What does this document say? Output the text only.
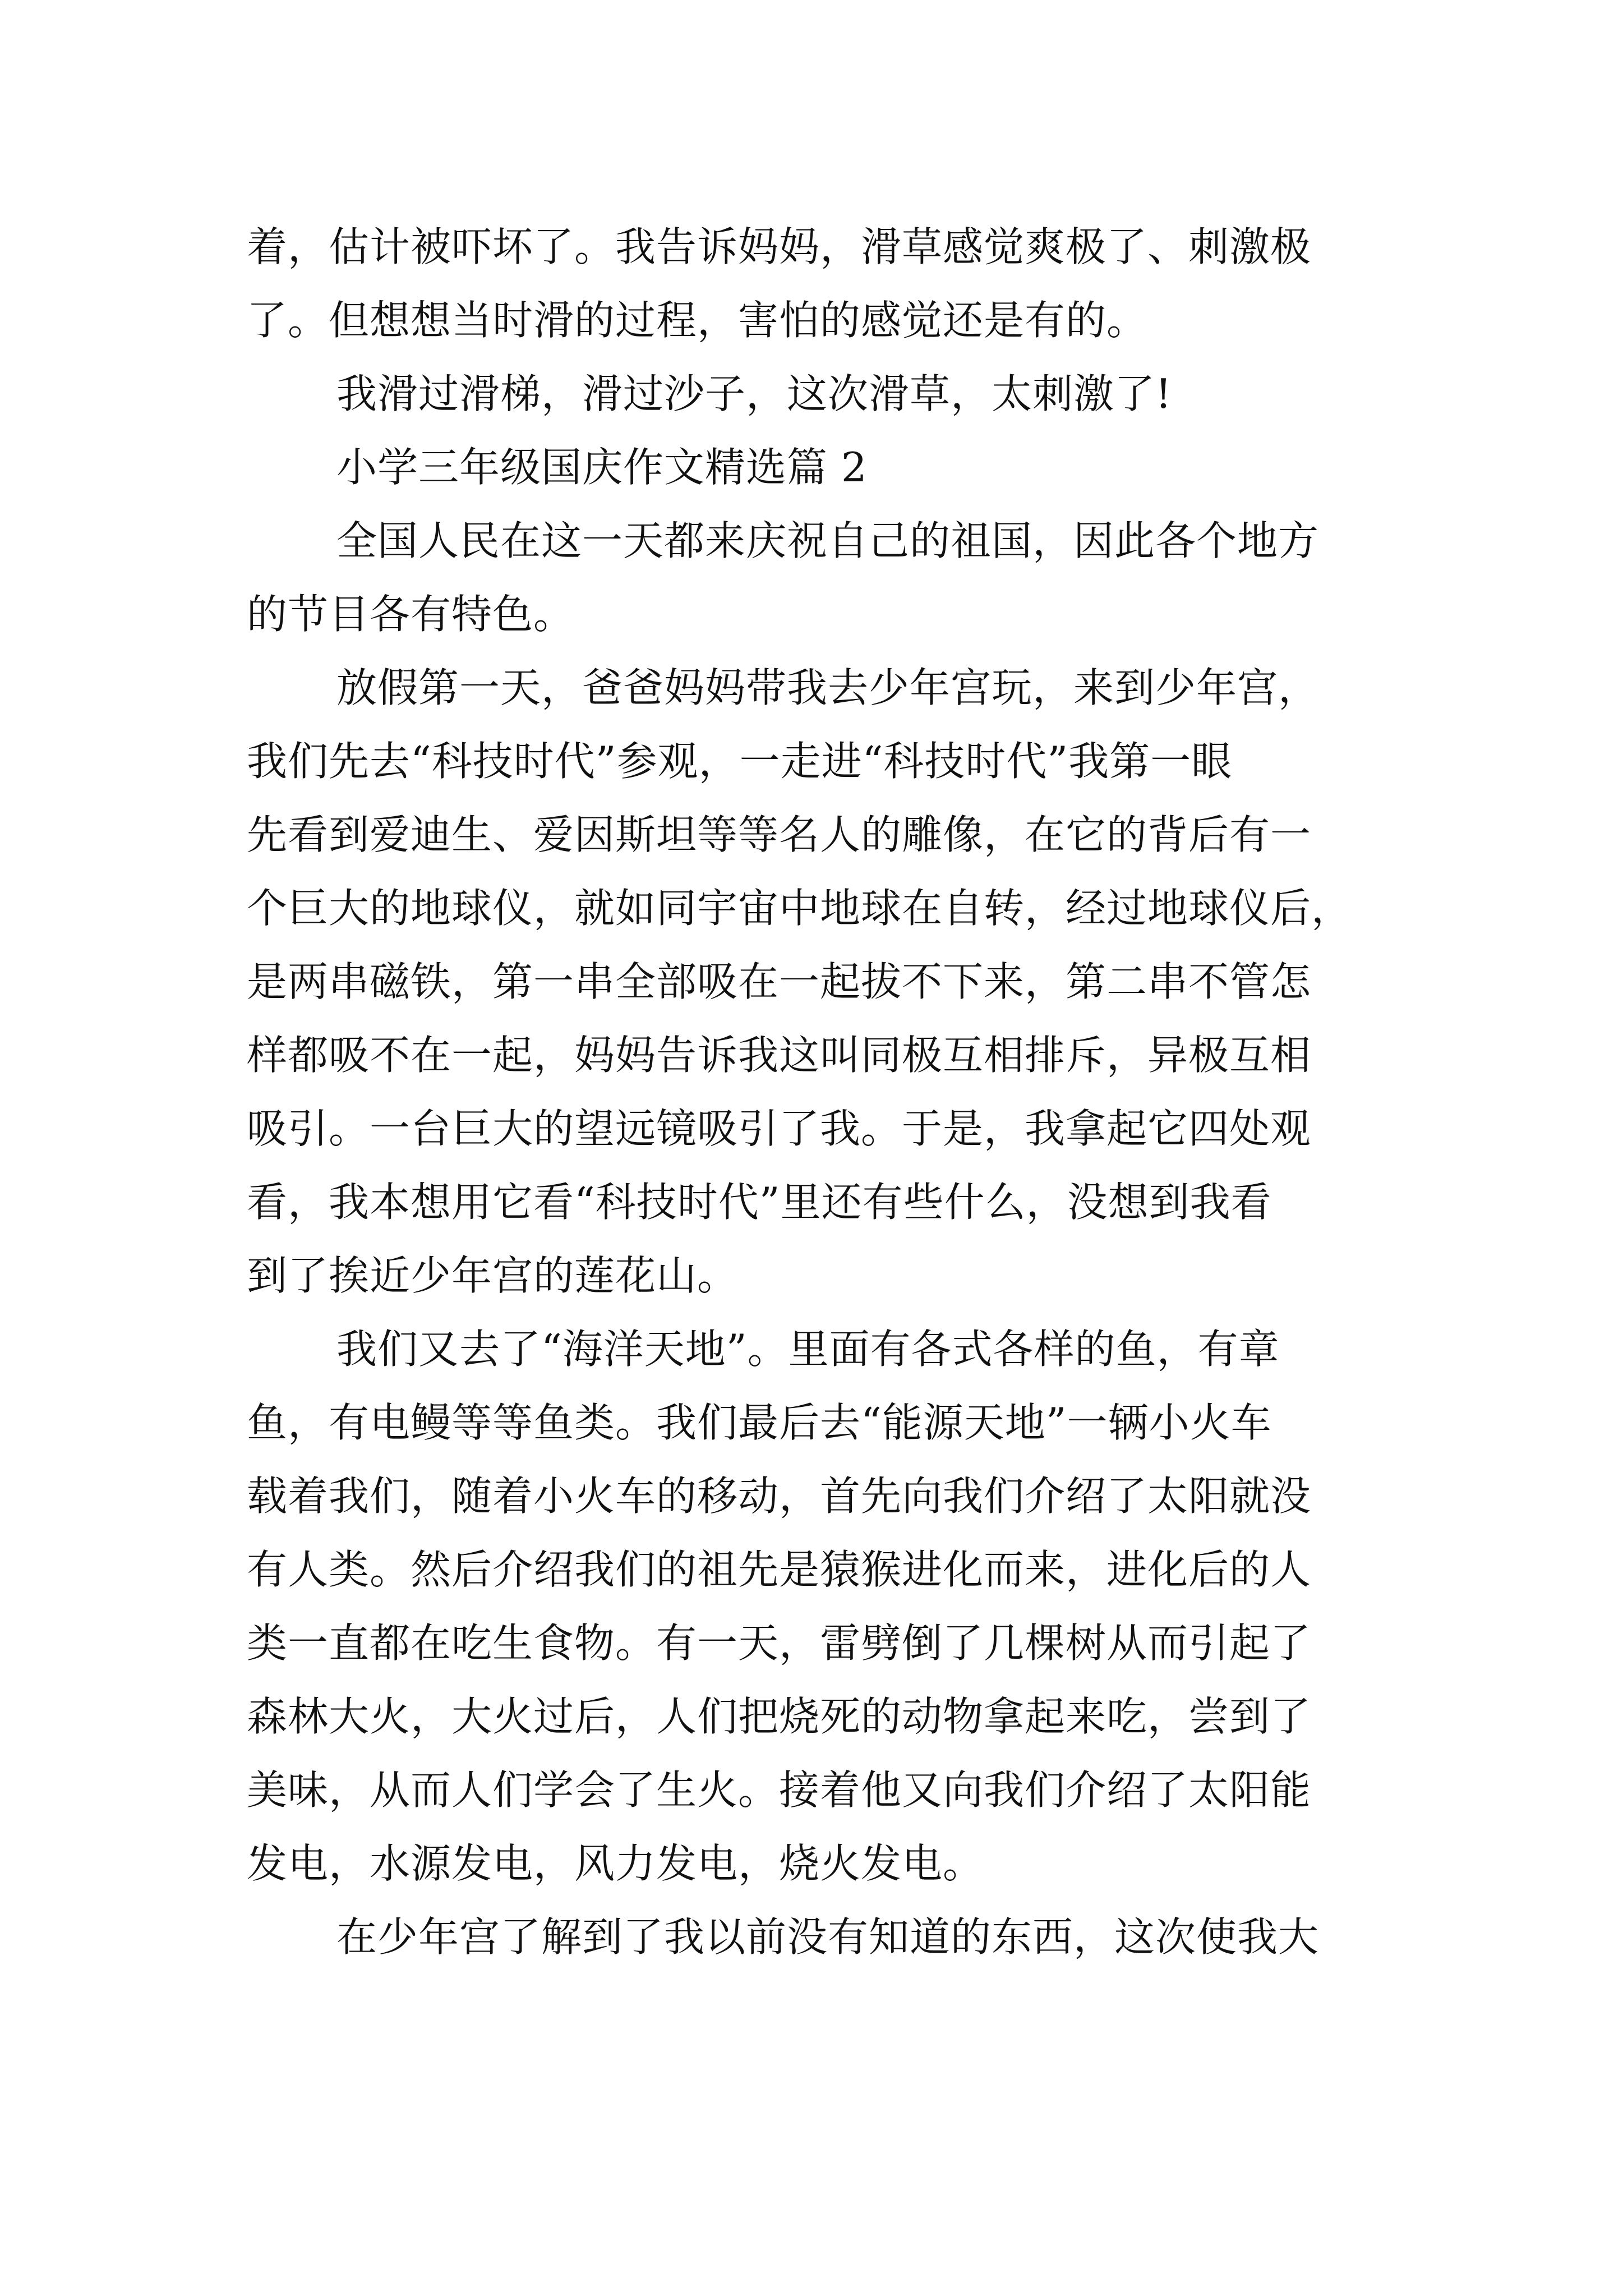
着，估计被吓坏了。我告诉妈妈，滑草感觉爽极了、刺激极
了。但想想当时滑的过程，害怕的感觉还是有的。
我滑过滑梯，滑过沙子，这次滑草，太刺激了!
小学三年级国庆作文精选篇 2
全国人民在这一天都来庆祝自己的祖国，因此各个地方
的节目各有特色。
放假第一天，爸爸妈妈带我去少年宫玩，来到少年宫，
我们先去“科技时代”参观，一走进“科技时代”我第一眼
先看到爱迪生、爱因斯坦等等名人的雕像，在它的背后有一
个巨大的地球仪，就如同宇宙中地球在自转，经过地球仪后，
是两串磁铁，第一串全部吸在一起拔不下来，第二串不管怎
样都吸不在一起，妈妈告诉我这叫同极互相排斥，异极互相
吸引。一台巨大的望远镜吸引了我。于是，我拿起它四处观
看，我本想用它看“科技时代”里还有些什么，没想到我看
到了挨近少年宫的莲花山。
我们又去了“海洋天地”。里面有各式各样的鱼，有章
鱼，有电鳗等等鱼类。我们最后去“能源天地”一辆小火车
载着我们，随着小火车的移动，首先向我们介绍了太阳就没
有人类。然后介绍我们的祖先是猿猴进化而来，进化后的人
类一直都在吃生食物。有一天，雷劈倒了几棵树从而引起了
森林大火，大火过后，人们把烧死的动物拿起来吃，尝到了
美味，从而人们学会了生火。接着他又向我们介绍了太阳能
发电，水源发电，风力发电，烧火发电。
在少年宫了解到了我以前没有知道的东西，这次使我大
